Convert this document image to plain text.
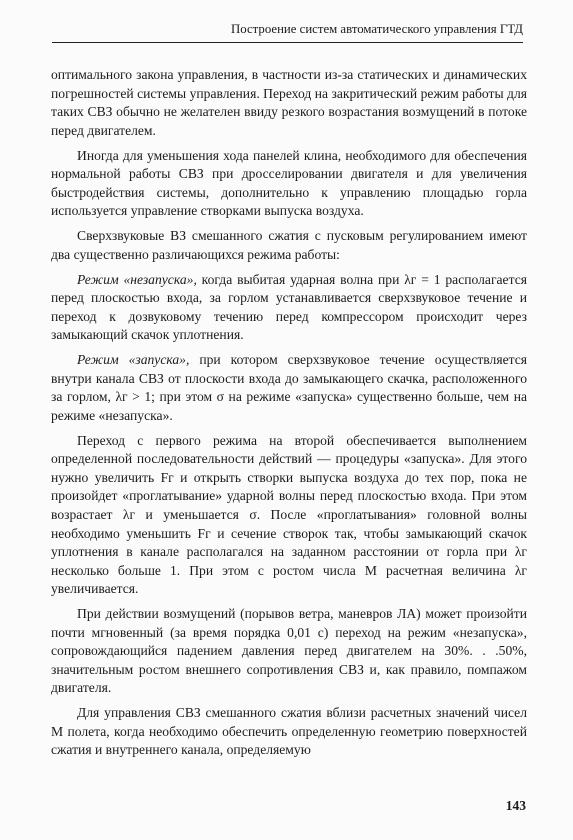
Построение систем автоматического управления ГТД

оптимального закона управления, в частности из-за статических и динамических погрешностей системы управления. Переход на закритический режим работы для таких СВЗ обычно не желателен ввиду резкого возрастания возмущений в потоке перед двигателем.

Иногда для уменьшения хода панелей клина, необходимого для обеспечения нормальной работы СВЗ при дросселировании двигателя и для увеличения быстродействия системы, дополнительно к управлению площадью горла используется управление створками выпуска воздуха.

Сверхзвуковые ВЗ смешанного сжатия с пусковым регулированием имеют два существенно различающихся режима работы:

Режим «незапуска», когда выбитая ударная волна при λг = 1 располагается перед плоскостью входа, за горлом устанавливается сверхзвуковое течение и переход к дозвуковому течению перед компрессором происходит через замыкающий скачок уплотнения.

Режим «запуска», при котором сверхзвуковое течение осуществляется внутри канала СВЗ от плоскости входа до замыкающего скачка, расположенного за горлом, λг > 1; при этом σ на режиме «запуска» существенно больше, чем на режиме «незапуска».

Переход с первого режима на второй обеспечивается выполнением определенной последовательности действий — процедуры «запуска». Для этого нужно увеличить Fг и открыть створки выпуска воздуха до тех пор, пока не произойдет «проглатывание» ударной волны перед плоскостью входа. При этом возрастает λг и уменьшается σ. После «проглатывания» головной волны необходимо уменьшить Fг и сечение створок так, чтобы замыкающий скачок уплотнения в канале располагался на заданном расстоянии от горла при λг несколько больше 1. При этом с ростом числа M расчетная величина λг увеличивается.

При действии возмущений (порывов ветра, маневров ЛА) может произойти почти мгновенный (за время порядка 0,01 с) переход на режим «незапуска», сопровождающийся падением давления перед двигателем на 30%. . .50%, значительным ростом внешнего сопротивления СВЗ и, как правило, помпажом двигателя.

Для управления СВЗ смешанного сжатия вблизи расчетных значений чисел M полета, когда необходимо обеспечить определенную геометрию поверхностей сжатия и внутреннего канала, определяемую

143
